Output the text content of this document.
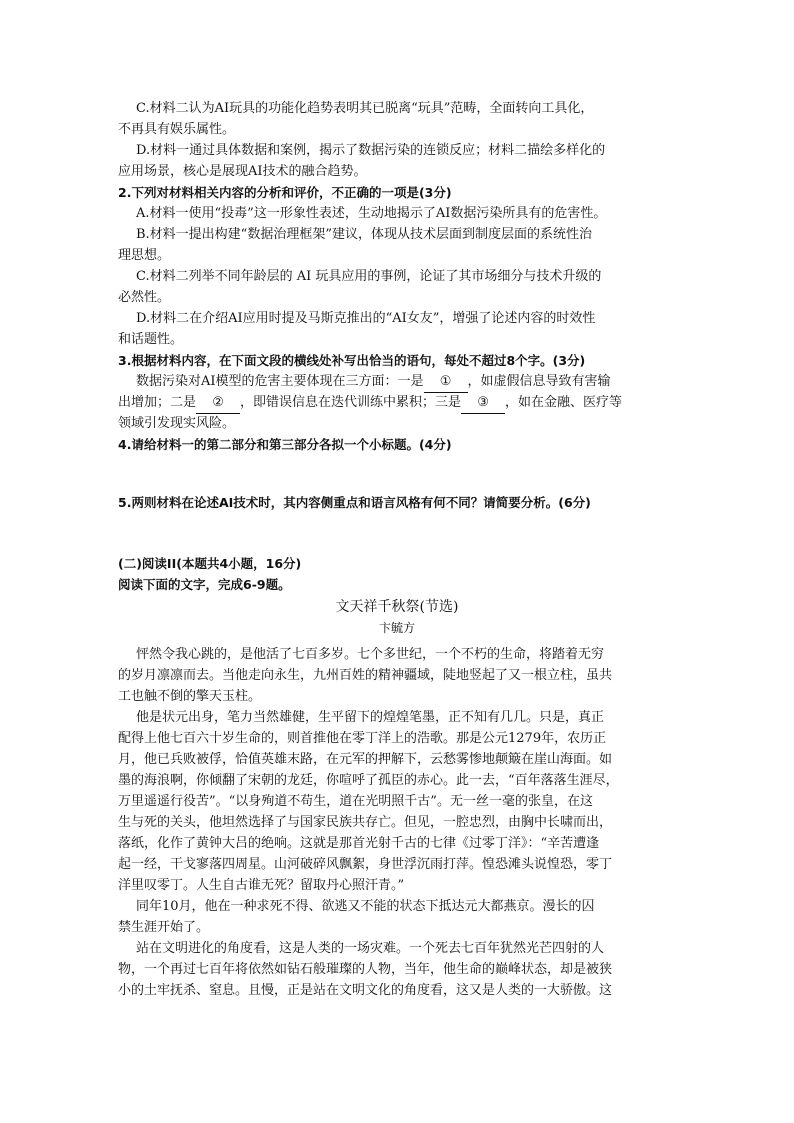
C.材料二认为AI玩具的功能化趋势表明其已脱离“玩具”范畴，全面转向工具化，
不再具有娱乐属性。
D.材料一通过具体数据和案例，揭示了数据污染的连锁反应；材料二描绘多样化的
应用场景，核心是展现AI技术的融合趋势。
2.下列对材料相关内容的分析和评价，不正确的一项是(3分)
A.材料一使用“投毒”这一形象性表述，生动地揭示了AI数据污染所具有的危害性。
B.材料一提出构建“数据治理框架”建议，体现从技术层面到制度层面的系统性治
理思想。
C.材料二列举不同年龄层的 AI 玩具应用的事例，论证了其市场细分与技术升级的
必然性。
D.材料二在介绍AI应用时提及马斯克推出的“AI女友”，增强了论述内容的时效性
和话题性。
3.根据材料内容，在下面文段的横线处补写出恰当的语句，每处不超过8个字。(3分)
数据污染对AI模型的危害主要体现在三方面：一是 ① ，如虚假信息导致有害输
出增加；二是 ② ，即错误信息在迭代训练中累积；三是 ③ ，如在金融、医疗等
领域引发现实风险。
4.请给材料一的第二部分和第三部分各拟一个小标题。(4分)
5.两则材料在论述AI技术时，其内容侧重点和语言风格有何不同？请简要分析。(6分)
(二)阅读II(本题共4小题，16分)
阅读下面的文字，完成6-9题。
文天祥千秋祭(节选)
卞毓方
怦然令我心跳的，是他活了七百多岁。七个多世纪，一个不朽的生命，将踏着无穷
的岁月凛凛而去。当他走向永生，九州百姓的精神疆域，陡地竖起了又一根立柱，虽共
工也触不倒的擎天玉柱。
他是状元出身，笔力当然雄健，生平留下的煌煌笔墨，正不知有几几。只是，真正
配得上他七百六十岁生命的，则首推他在零丁洋上的浩歌。那是公元1279年，农历正
月，他已兵败被俘，恰值英雄末路，在元军的押解下，云愁雾惨地颠簸在崖山海面。如
墨的海浪啊，你倾翻了宋朝的龙廷，你喧呼了孤臣的赤心。此一去，“百年落落生涯尽，
万里遥遥行役苦”。“以身殉道不苟生，道在光明照千古”。无一丝一毫的张皇，在这
生与死的关头，他坦然选择了与国家民族共存亡。但见，一腔忠烈，由胸中长啸而出，
落纸，化作了黄钟大吕的绝响。这就是那首光射千古的七律《过零丁洋》：“辛苦遭逢
起一经，干戈寥落四周星。山河破碎风飘絮，身世浮沉雨打萍。惶恐滩头说惶恐，零丁
洋里叹零丁。人生自古谁无死？留取丹心照汗青。”
同年10月，他在一种求死不得、欲逃又不能的状态下抵达元大都燕京。漫长的囚
禁生涯开始了。
站在文明进化的角度看，这是人类的一场灾难。一个死去七百年犹然光芒四射的人
物，一个再过七百年将依然如钻石般璀璨的人物，当年，他生命的巅峰状态，却是被狭
小的土牢抚杀、窒息。且慢，正是站在文明文化的角度看，这又是人类的一大骄傲。这
